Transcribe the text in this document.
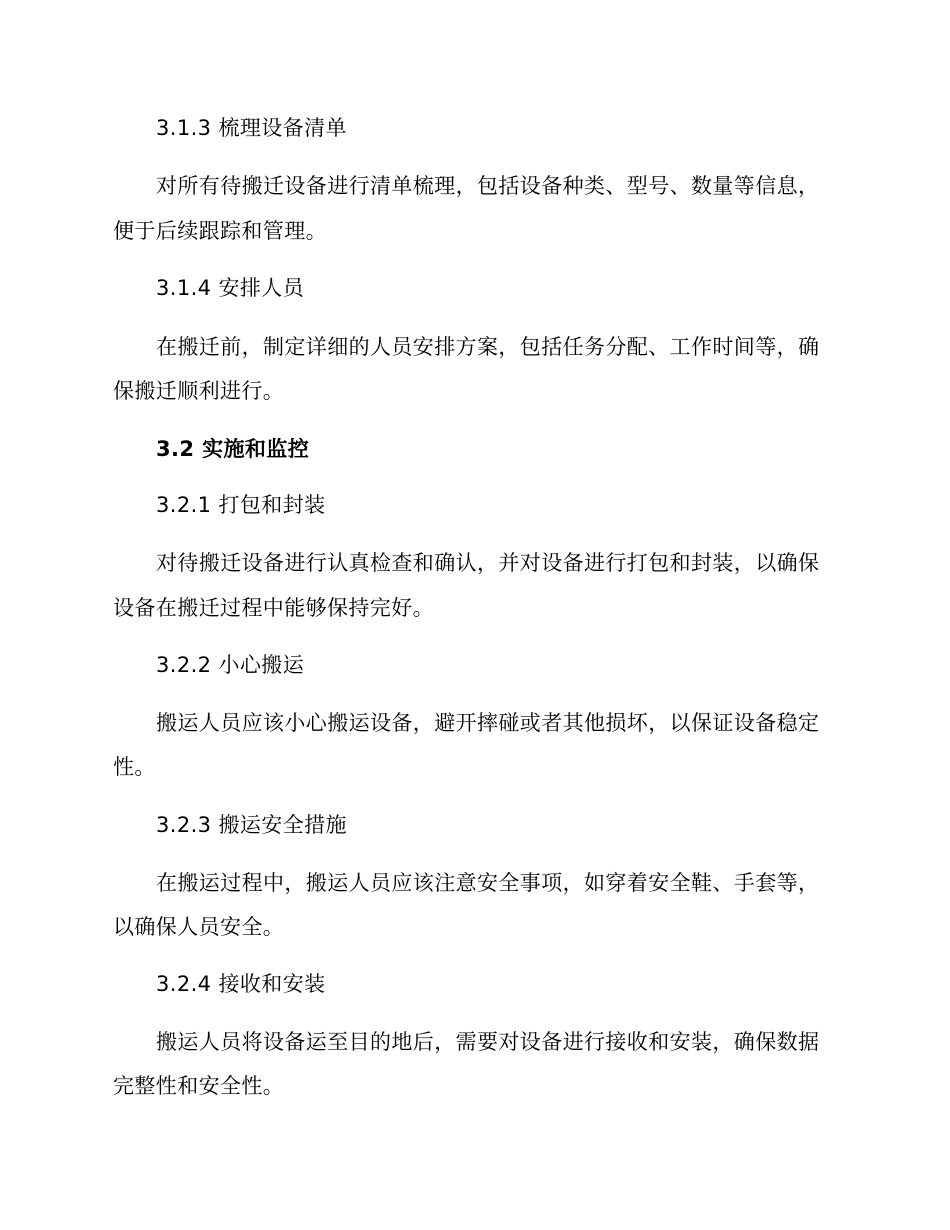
3.1.3 梳理设备清单
对所有待搬迁设备进行清单梳理，包括设备种类、型号、数量等信息，
便于后续跟踪和管理。
3.1.4 安排人员
在搬迁前，制定详细的人员安排方案，包括任务分配、工作时间等，确
保搬迁顺利进行。
3.2 实施和监控
3.2.1 打包和封装
对待搬迁设备进行认真检查和确认，并对设备进行打包和封装，以确保
设备在搬迁过程中能够保持完好。
3.2.2 小心搬运
搬运人员应该小心搬运设备，避开摔碰或者其他损坏，以保证设备稳定
性。
3.2.3 搬运安全措施
在搬运过程中，搬运人员应该注意安全事项，如穿着安全鞋、手套等，
以确保人员安全。
3.2.4 接收和安装
搬运人员将设备运至目的地后，需要对设备进行接收和安装，确保数据
完整性和安全性。
